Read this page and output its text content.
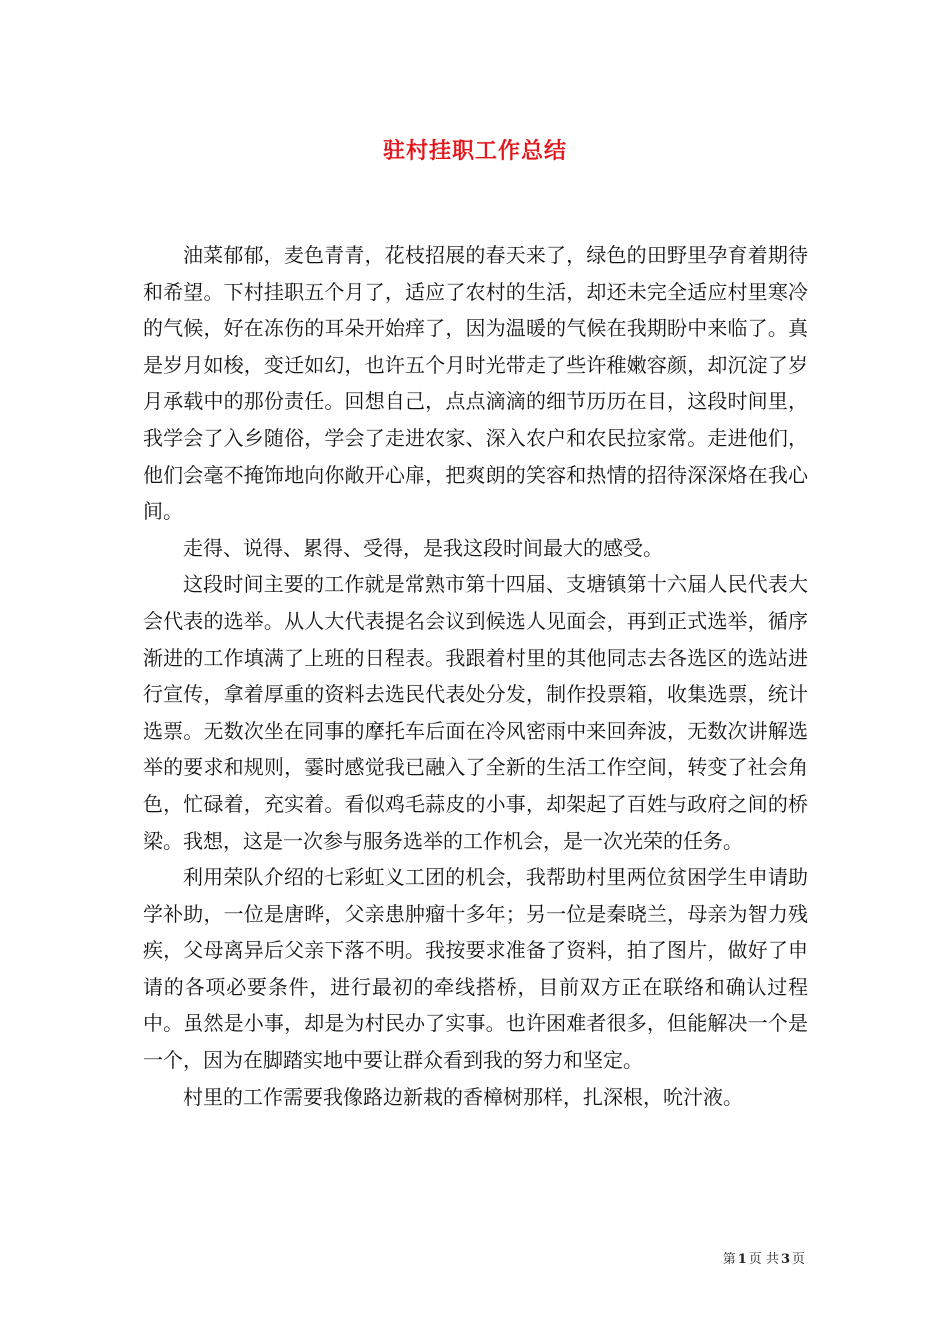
驻村挂职工作总结

油菜郁郁，麦色青青，花枝招展的春天来了，绿色的田野里孕育着期待和希望。下村挂职五个月了，适应了农村的生活，却还未完全适应村里寒冷的气候，好在冻伤的耳朵开始痒了，因为温暖的气候在我期盼中来临了。真是岁月如梭，变迁如幻，也许五个月时光带走了些许稚嫩容颜，却沉淀了岁月承载中的那份责任。回想自己，点点滴滴的细节历历在目，这段时间里，我学会了入乡随俗，学会了走进农家、深入农户和农民拉家常。走进他们，他们会毫不掩饰地向你敞开心扉，把爽朗的笑容和热情的招待深深烙在我心间。

走得、说得、累得、受得，是我这段时间最大的感受。

这段时间主要的工作就是常熟市第十四届、支塘镇第十六届人民代表大会代表的选举。从人大代表提名会议到候选人见面会，再到正式选举，循序渐进的工作填满了上班的日程表。我跟着村里的其他同志去各选区的选站进行宣传，拿着厚重的资料去选民代表处分发，制作投票箱，收集选票，统计选票。无数次坐在同事的摩托车后面在冷风密雨中来回奔波，无数次讲解选举的要求和规则，霎时感觉我已融入了全新的生活工作空间，转变了社会角色，忙碌着，充实着。看似鸡毛蒜皮的小事，却架起了百姓与政府之间的桥梁。我想，这是一次参与服务选举的工作机会，是一次光荣的任务。

利用荣队介绍的七彩虹义工团的机会，我帮助村里两位贫困学生申请助学补助，一位是唐晔，父亲患肿瘤十多年；另一位是秦晓兰，母亲为智力残疾，父母离异后父亲下落不明。我按要求准备了资料，拍了图片，做好了申请的各项必要条件，进行最初的牵线搭桥，目前双方正在联络和确认过程中。虽然是小事，却是为村民办了实事。也许困难者很多，但能解决一个是一个，因为在脚踏实地中要让群众看到我的努力和坚定。

村里的工作需要我像路边新栽的香樟树那样，扎深根，吮汁液。

第 1 页 共 3 页
